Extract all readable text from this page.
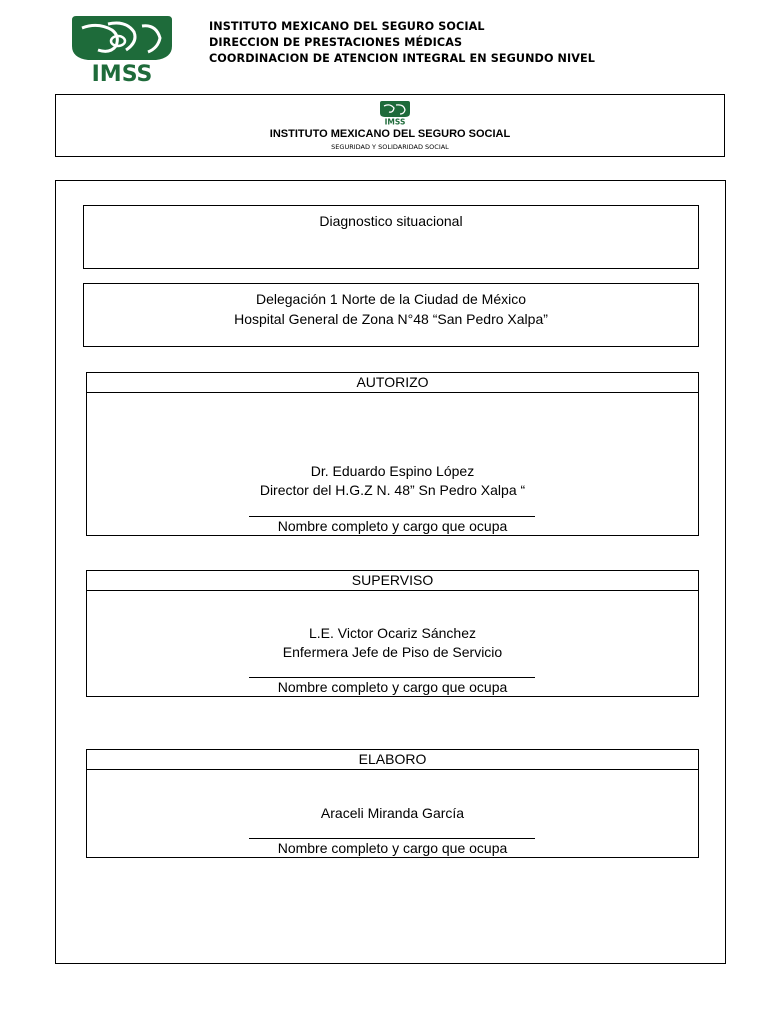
IMSS
INSTITUTO MEXICANO DEL SEGURO SOCIAL
DIRECCION DE PRESTACIONES MÉDICAS
COORDINACION DE ATENCION INTEGRAL EN SEGUNDO NIVEL
IMSS
INSTITUTO MEXICANO DEL SEGURO SOCIAL
SEGURIDAD Y SOLIDARIDAD SOCIAL
Diagnostico situacional
Delegación 1 Norte de la Ciudad de México
Hospital General de Zona N°48 “San Pedro Xalpa”
AUTORIZO
Dr. Eduardo Espino López
Director del H.G.Z N. 48” Sn Pedro Xalpa “
Nombre completo y cargo que ocupa
SUPERVISO
L.E. Victor Ocariz Sánchez
Enfermera Jefe de Piso de Servicio
Nombre completo y cargo que ocupa
ELABORO
Araceli Miranda García
Nombre completo y cargo que ocupa
